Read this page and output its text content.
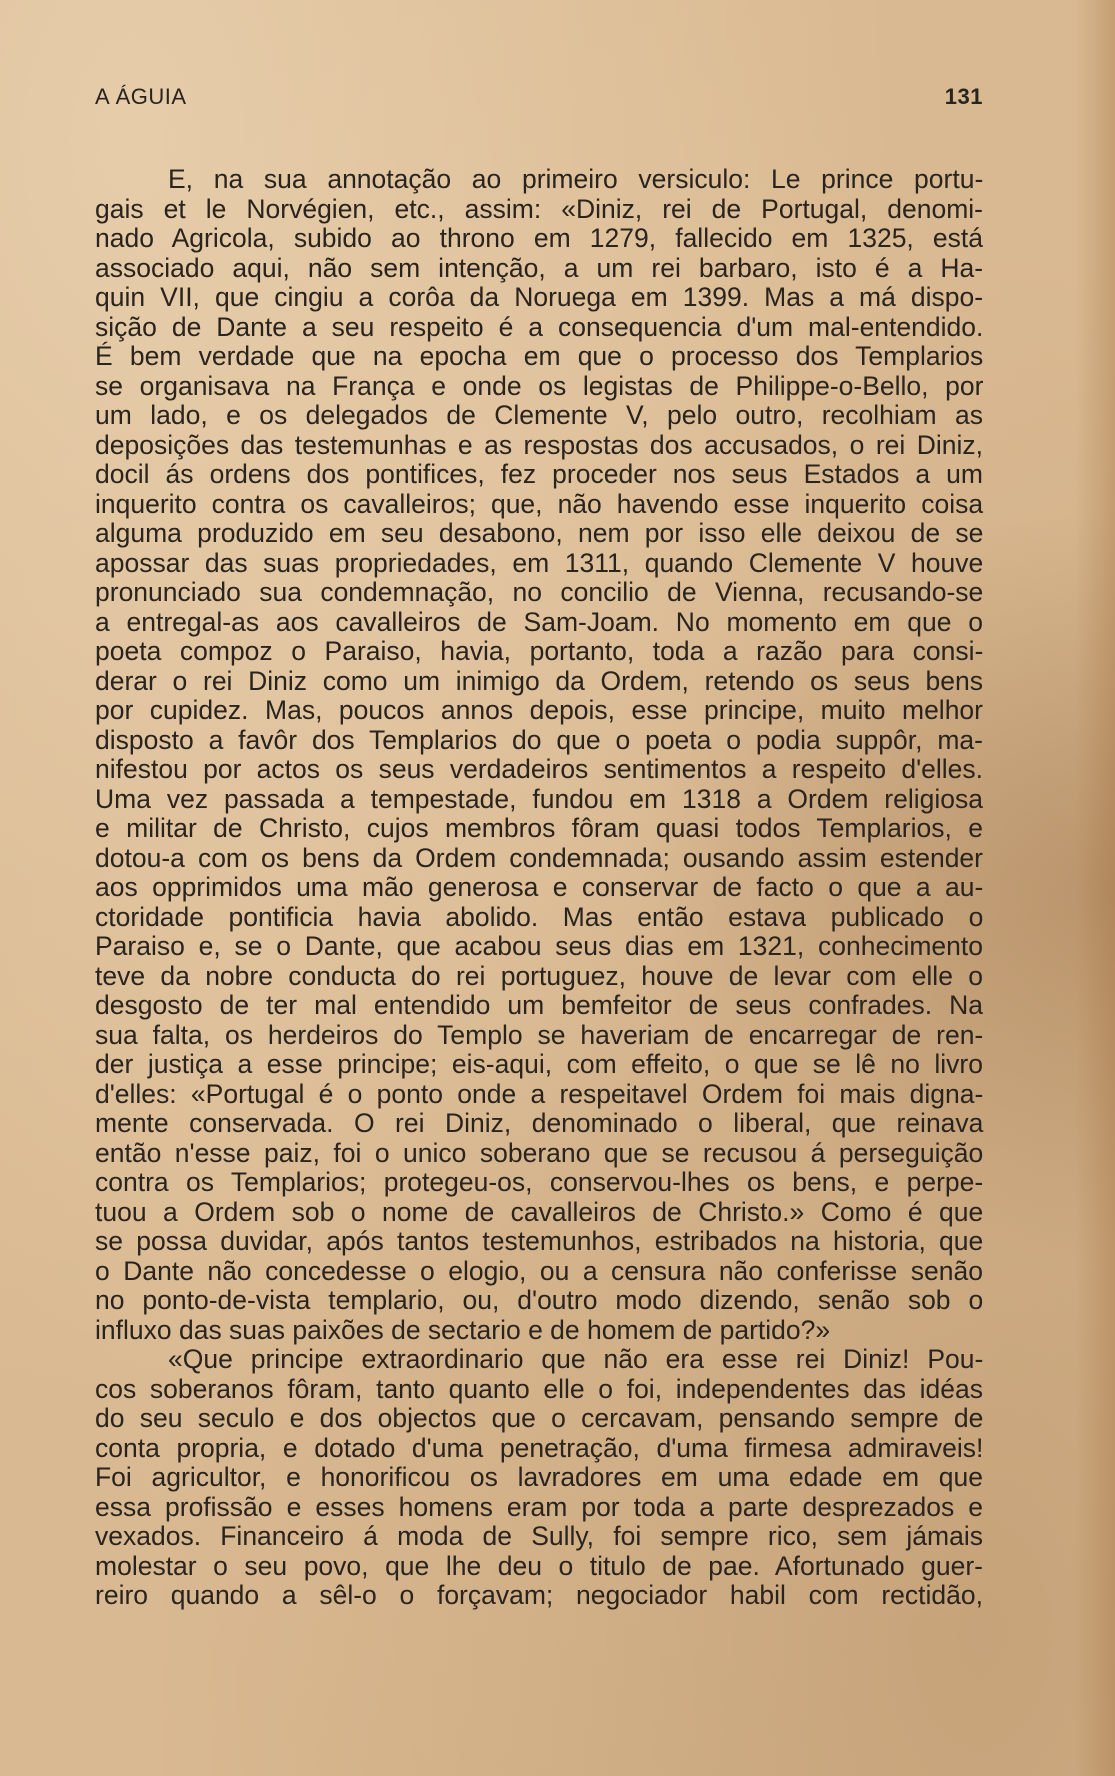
A ÁGUIA	131
E, na sua annotação ao primeiro versiculo: Le prince portu-
gais et le Norvégien, etc., assim: «Diniz, rei de Portugal, denomi-
nado Agricola, subido ao throno em 1279, fallecido em 1325, está
associado aqui, não sem intenção, a um rei barbaro, isto é a Ha-
quin VII, que cingiu a corôa da Noruega em 1399. Mas a má dispo-
sição de Dante a seu respeito é a consequencia d'um mal-entendido.
É bem verdade que na epocha em que o processo dos Templarios
se organisava na França e onde os legistas de Philippe-o-Bello, por
um lado, e os delegados de Clemente V, pelo outro, recolhiam as
deposições das testemunhas e as respostas dos accusados, o rei Diniz,
docil ás ordens dos pontifices, fez proceder nos seus Estados a um
inquerito contra os cavalleiros; que, não havendo esse inquerito coisa
alguma produzido em seu desabono, nem por isso elle deixou de se
apossar das suas propriedades, em 1311, quando Clemente V houve
pronunciado sua condemnação, no concilio de Vienna, recusando-se
a entregal-as aos cavalleiros de Sam-Joam. No momento em que o
poeta compoz o Paraiso, havia, portanto, toda a razão para consi-
derar o rei Diniz como um inimigo da Ordem, retendo os seus bens
por cupidez. Mas, poucos annos depois, esse principe, muito melhor
disposto a favôr dos Templarios do que o poeta o podia suppôr, ma-
nifestou por actos os seus verdadeiros sentimentos a respeito d'elles.
Uma vez passada a tempestade, fundou em 1318 a Ordem religiosa
e militar de Christo, cujos membros fôram quasi todos Templarios, e
dotou-a com os bens da Ordem condemnada; ousando assim estender
aos opprimidos uma mão generosa e conservar de facto o que a au-
ctoridade pontificia havia abolido. Mas então estava publicado o
Paraiso e, se o Dante, que acabou seus dias em 1321, conhecimento
teve da nobre conducta do rei portuguez, houve de levar com elle o
desgosto de ter mal entendido um bemfeitor de seus confrades. Na
sua falta, os herdeiros do Templo se haveriam de encarregar de ren-
der justiça a esse principe; eis-aqui, com effeito, o que se lê no livro
d'elles: «Portugal é o ponto onde a respeitavel Ordem foi mais digna-
mente conservada. O rei Diniz, denominado o liberal, que reinava
então n'esse paiz, foi o unico soberano que se recusou á perseguição
contra os Templarios; protegeu-os, conservou-lhes os bens, e perpe-
tuou a Ordem sob o nome de cavalleiros de Christo.» Como é que
se possa duvidar, após tantos testemunhos, estribados na historia, que
o Dante não concedesse o elogio, ou a censura não conferisse senão
no ponto-de-vista templario, ou, d'outro modo dizendo, senão sob o
influxo das suas paixões de sectario e de homem de partido?»
«Que principe extraordinario que não era esse rei Diniz! Pou-
cos soberanos fôram, tanto quanto elle o foi, independentes das idéas
do seu seculo e dos objectos que o cercavam, pensando sempre de
conta propria, e dotado d'uma penetração, d'uma firmesa admiraveis!
Foi agricultor, e honorificou os lavradores em uma edade em que
essa profissão e esses homens eram por toda a parte desprezados e
vexados. Financeiro á moda de Sully, foi sempre rico, sem jámais
molestar o seu povo, que lhe deu o titulo de pae. Afortunado guer-
reiro quando a sêl-o o forçavam; negociador habil com rectidão,
